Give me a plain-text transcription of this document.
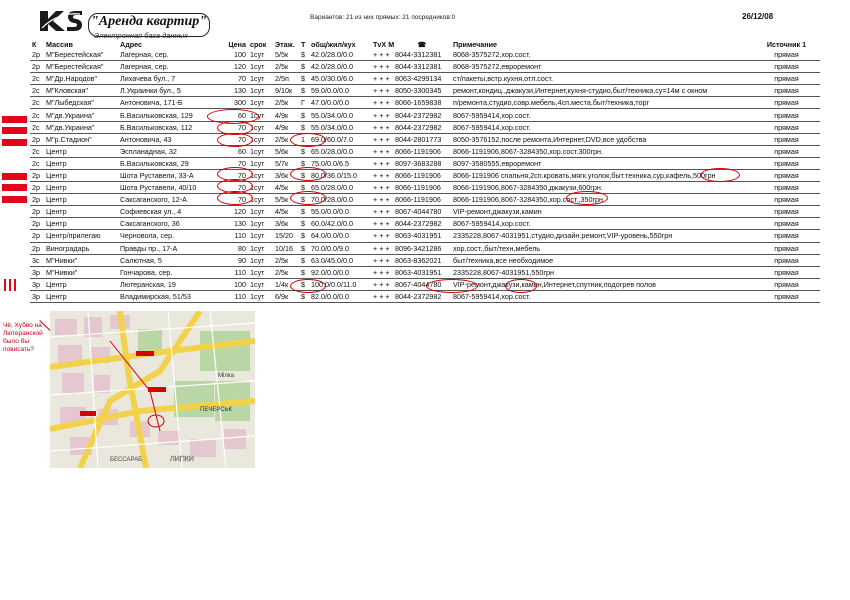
"Аренда квартир"
Электронная база данных
Вариантов: 21 из них прямых: 21 посредников:0	26/12/08
К	Массив	Адрес	Цена	срок	Этаж.	Т	общ/жил/кух	ТvХ М	☎	Примечание	Источник 1
2р	М"Берестейская"	Лагерная, сер.	100	1сут	5/5к	$	42.0/28.0/0.0	+ + +	8044-3312381	8068-3575272,хор.сост.	прямая
2р	М"Берестейская"	Лагерная, сер.	120	1сут	2/5к	$	42.0/28.0/0.0	+ + +	8044-3312381	8068-3575272,евроремонт	прямая
2с	М"Др.Народов"	Лихачева бул., 7	70	1сут	2/5п	$	45.0/30.0/6.0	+ + +	8063-4299134	ст/пакеты,встр.кухня,отл.сост.	прямая
2с	М"Кловская"	Л.Украинки бул., 5	130	1сут	9/10к	$	59.0/0.0/0.0	+ + +	8050-3300345	ремонт,кондиц.,джакузи,Интернет,кухня-студио,быт/техника,су=14м с окном	прямая
2с	М"Лыбедская"	Антоновича, 171-Б	300	1сут	2/5к	Г	47.0/0.0/0.0	+ + +	8066-1659838	п/ремонта,студио,совр.мебель,4сп.места,быт/техника,торг	прямая
2с	М"дв.Украина"	Б.Васильковская, 129	60	1сут	4/9к	$	55.0/34.0/0.0	+ + +	8044-2372982	8067-5959414,хор.сост.	прямая
2с	М"дв.Украина"	Б.Васильковская, 112	70	1сут	4/9к	$	55.0/34.0/0.0	+ + +	8044-2372982	8067-5959414,хор.сост.	прямая
2р	М"р.Стадион"	Антоновича, 43	70	1сут	2/5к	1	69.0/60.0/7.0	+ + +	8044-2801773	8050-3576152,после ремонта,Интернет,DVD,все удобства	прямая
2с	Центр	Эспланадная, 32	60	1сут	5/6к	$	65.0/28.0/0.0	+ + +	8066-1191906	8066-1191906,8067-3284350,хор.сост.300грн.	прямая
2с	Центр	Б.Васильковская, 29	70	1сут	5/7к	$	75.0/0.0/6.5	+ + +	8097-3683288	8097-3580555,евроремонт	прямая
2р	Центр	Шота Руставели, 33-А	70	1сут	3/6к	$	80.0/36.0/15.0	+ + +	8066-1191906	8066-1191906 спальня,2сп.кровать,мягк.уголок,быт.техника,сур,кафель,500грн	прямая
2р	Центр	Шота Руставели, 40/10	70	1сут	4/5к	$	65.0/28.0/0.0	+ + +	8066-1191906	8066-1191906,8067-3284350,джакузи,600грн.	прямая
2р	Центр	Саксаганского, 12-А	70	1сут	5/5к	$	70.0/28.0/0.0	+ + +	8066-1191906	8066-1191906,8067-3284350,хор.сост.,350грн.	прямая
2р	Центр	Софиевская ул., 4	120	1сут	4/5к	$	55.0/0.0/0.0	+ + +	8067-4044780	VIP-ремонт,джакузи,камин	прямая
2р	Центр	Саксаганского, 36	130	1сут	3/6к	$	60.0/42.0/0.0	+ + +	8044-2372982	8067-5959414,хор.сост.	прямая
2р	Центр/прилегаю	Черновола, сер.	110	1сут	15/20	$	64.0/0.0/0.0	+ + +	8063-4031951	2335228,8067-4031951,студио,дизайн.ремонт,VIP-уровень,550грн	прямая
2р	Виноградарь	Правды пр., 17-А	80	1сут	10/16	$	70.0/0.0/9.0	+ + +	8096-3421286	хор.сост.,быт/техн,мебель	прямая
3с	М"Нивки"	Салютная, 5	90	1сут	2/5к	$	63.0/45.0/0.0	+ + +	8063-8362021	быт/техника,все необходимое	прямая
3р	М"Нивки"	Гончарова, сер.	110	1сут	2/5к	$	92.0/0.0/0.0	+ + +	8063-4031951	2335228,8067-4031951,550грн	прямая
3р	Центр	Лютеранская, 19	100	1сут	1/4к	$	100.0/0.0/11.0	+ + +	8067-4044780	VIP-ремонт,джакузи,камин,Интернет,спутник,подогрев полов	прямая
3р	Центр	Владимирская, 51/53	110	1сут	6/9к	$	82.0/0.0/0.0	+ + +	8044-2372982	8067-5959414,хор.сост.	прямая
Чё, Хубво на Лютеранской было бы повисать?
ЛИПКИ
БЕССАРАБ
Мілка
ПЕЧЕРСЬК
